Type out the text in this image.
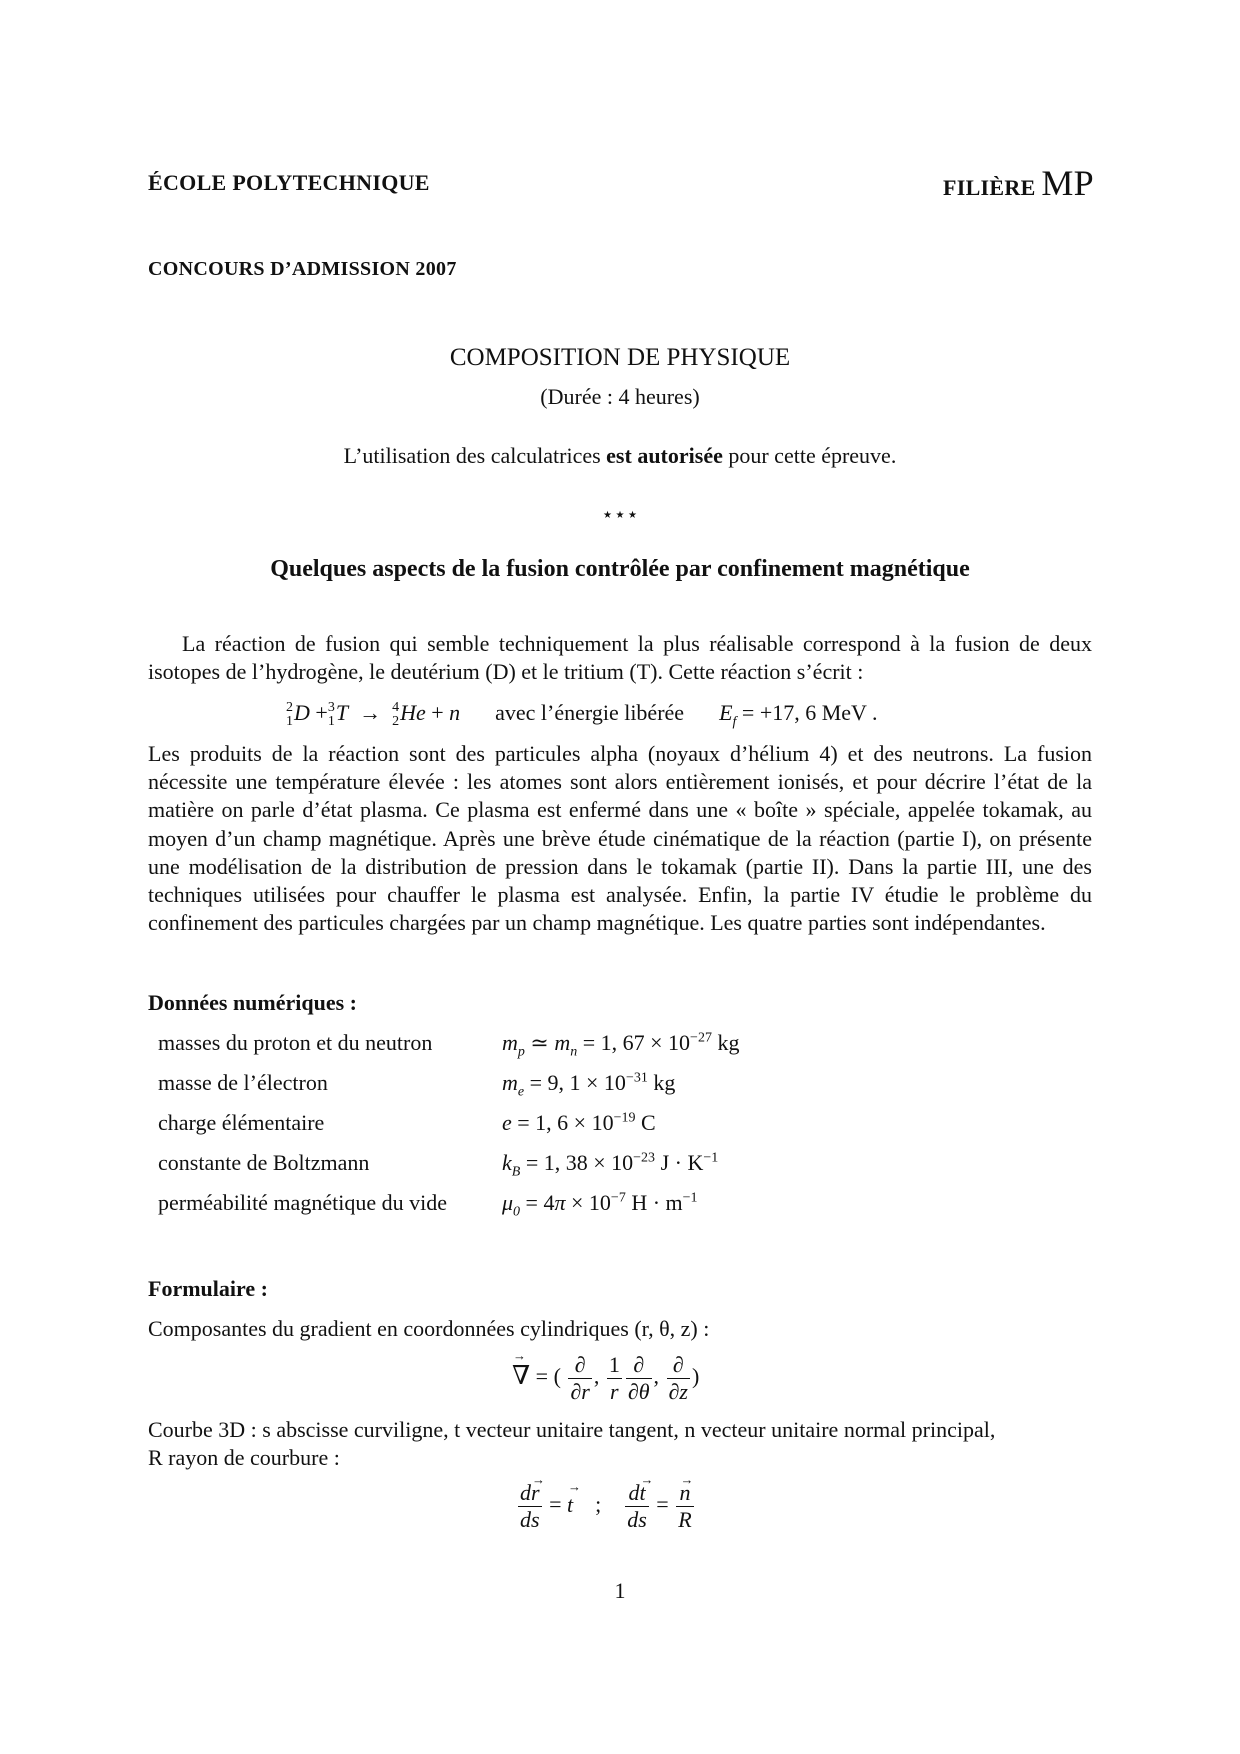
ÉCOLE POLYTECHNIQUE	FILIÈRE MP
CONCOURS D’ADMISSION 2007
COMPOSITION DE PHYSIQUE
(Durée : 4 heures)
L’utilisation des calculatrices est autorisée pour cette épreuve.
⋆⋆⋆
Quelques aspects de la fusion contrôlée par confinement magnétique

La réaction de fusion qui semble techniquement la plus réalisable correspond à la fusion de deux isotopes de l’hydrogène, le deutérium (D) et le tritium (T). Cette réaction s’écrit :

2
1 D + 3
1 T  → 4
2 He + n avec l’énergie libérée $E_f = +17$, 6 MeV .

Les produits de la réaction sont des particules alpha (noyaux d’hélium 4) et des neutrons. La fusion nécessite une température élevée : les atomes sont alors entièrement ionisés, et pour décrire l’état de la matière on parle d’état plasma. Ce plasma est enfermé dans une « boîte » spéciale, appelée tokamak, au moyen d’un champ magnétique. Après une brève étude cinématique de la réaction (partie I), on présente une modélisation de la distribution de pression dans le tokamak (partie II). Dans la partie III, une des techniques utilisées pour chauffer le plasma est analysée. Enfin, la partie IV étudie le problème du confinement des particules chargées par un champ magnétique. Les quatre parties sont indépendantes.

Données numériques :
masses du proton et du neutron	$m_p$ ≃ $m_n = 1$, $67 \times 10^{-27}$ kg
masse de l’électron	$m_e = 9$, $1 \times 10^{-31}$ kg
charge élémentaire	e = 1, $6 \times 10^{-19}$ C
constante de Boltzmann	$k_B = 1$, $38 \times 10^{-23}$ $J \cdot K^{-1}$
perméabilité magnétique du vide	$\mu_0 = 4\pi \times 10^{-7}$ $H \cdot m^{-1}$
Formulaire :
Composantes du gradient en coordonnées cylindriques (r, θ, z) :
→ ∇ = ( $\frac{\partial}{\partial r}$ , $\frac{1}{r} \frac{\partial}{\partial\theta}$ , $\frac{\partial}{\partial z}$ )

Courbe 3D : s abscisse curviligne, t vecteur unitaire tangent, n vecteur unitaire normal principal,

R rayon de courbure :

$\frac{d\to r}{ds}$ = → t    ; $\frac{d\to t}{ds}$ =
→ $\frac{n}{R}$
1
